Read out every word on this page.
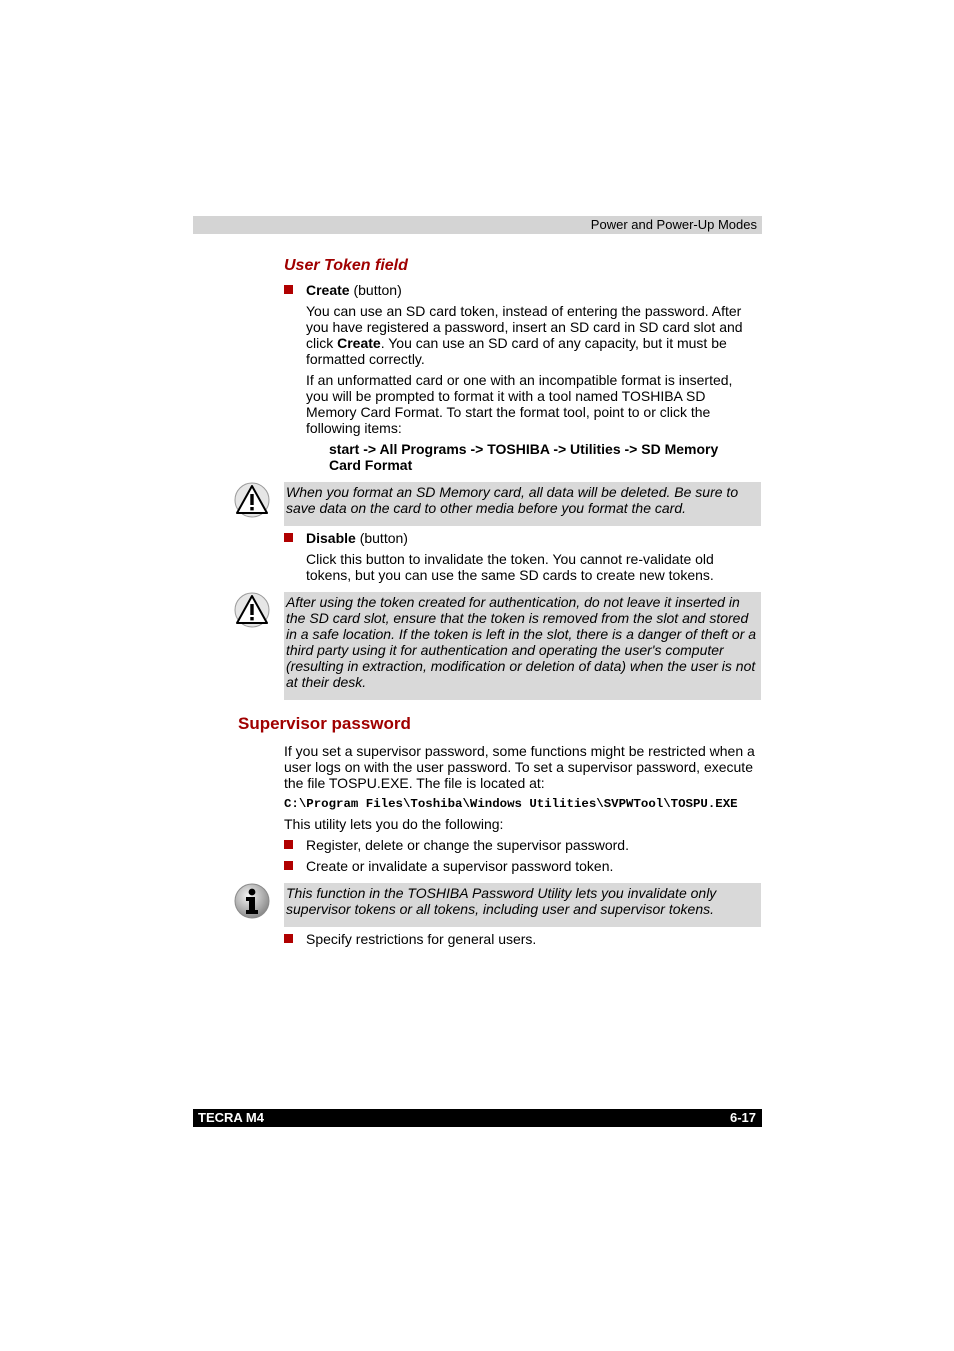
Power and Power-Up Modes
User Token field
Create (button)
You can use an SD card token, instead of entering the password. After you have registered a password, insert an SD card in SD card slot and click Create. You can use an SD card of any capacity, but it must be formatted correctly.
If an unformatted card or one with an incompatible format is inserted, you will be prompted to format it with a tool named TOSHIBA SD Memory Card Format. To start the format tool, point to or click the following items:
start -> All Programs -> TOSHIBA -> Utilities -> SD Memory Card Format
When you format an SD Memory card, all data will be deleted. Be sure to save data on the card to other media before you format the card.
Disable (button)
Click this button to invalidate the token. You cannot re-validate old tokens, but you can use the same SD cards to create new tokens.
After using the token created for authentication, do not leave it inserted in the SD card slot, ensure that the token is removed from the slot and stored in a safe location. If the token is left in the slot, there is a danger of theft or a third party using it for authentication and operating the user's computer (resulting in extraction, modification or deletion of data) when the user is not at their desk.
Supervisor password
If you set a supervisor password, some functions might be restricted when a user logs on with the user password. To set a supervisor password, execute the file TOSPU.EXE. The file is located at:
C:\Program Files\Toshiba\Windows Utilities\SVPWTool\TOSPU.EXE
This utility lets you do the following:
Register, delete or change the supervisor password.
Create or invalidate a supervisor password token.
This function in the TOSHIBA Password Utility lets you invalidate only supervisor tokens or all tokens, including user and supervisor tokens.
Specify restrictions for general users.
TECRA M4	6-17
